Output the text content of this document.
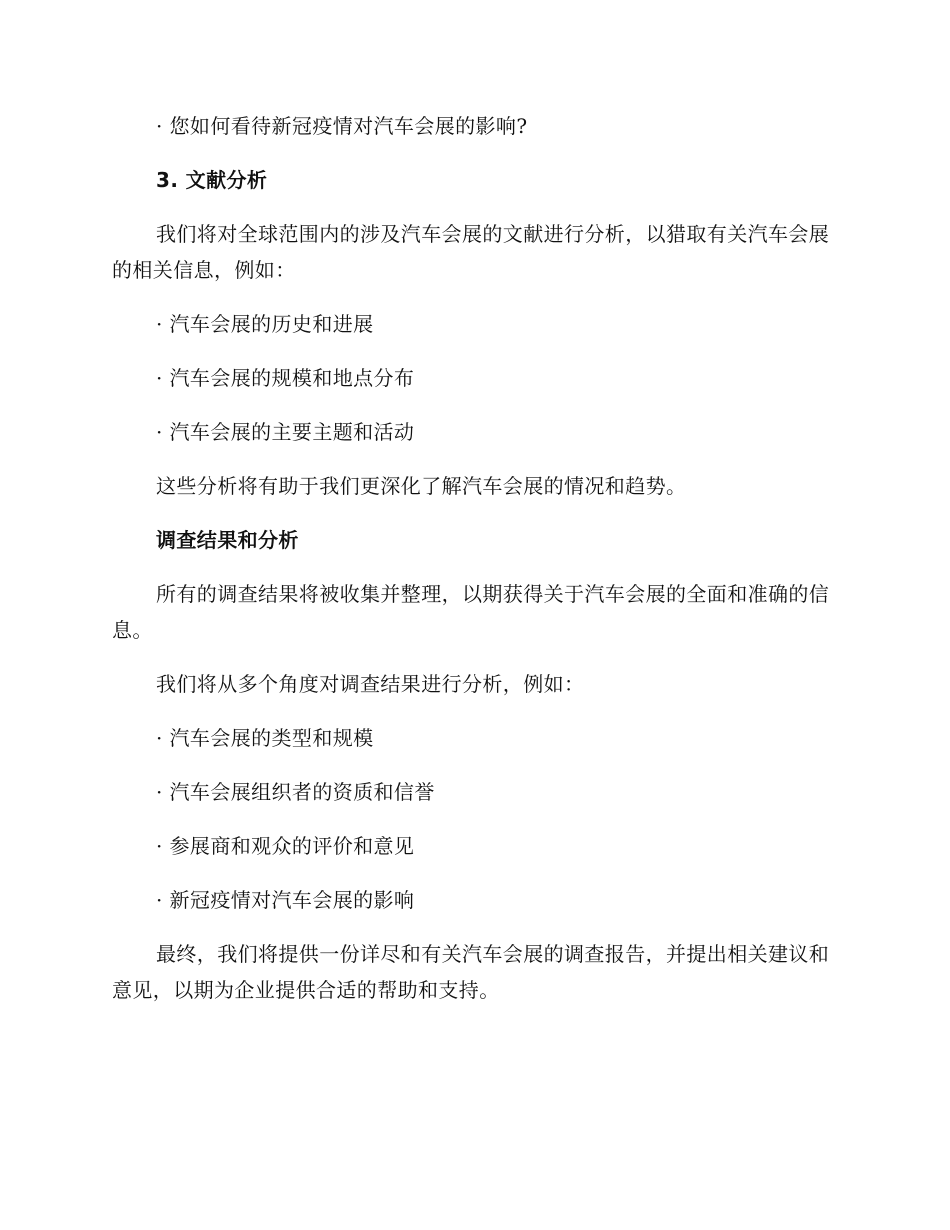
· 您如何看待新冠疫情对汽车会展的影响?

3. 文献分析

我们将对全球范围内的涉及汽车会展的文献进行分析，以猎取有关汽车会展的相关信息，例如：

· 汽车会展的历史和进展

· 汽车会展的规模和地点分布

· 汽车会展的主要主题和活动

这些分析将有助于我们更深化了解汽车会展的情况和趋势。

调查结果和分析

所有的调查结果将被收集并整理，以期获得关于汽车会展的全面和准确的信息。

我们将从多个角度对调查结果进行分析，例如：

· 汽车会展的类型和规模

· 汽车会展组织者的资质和信誉

· 参展商和观众的评价和意见

· 新冠疫情对汽车会展的影响

最终，我们将提供一份详尽和有关汽车会展的调查报告，并提出相关建议和意见，以期为企业提供合适的帮助和支持。
